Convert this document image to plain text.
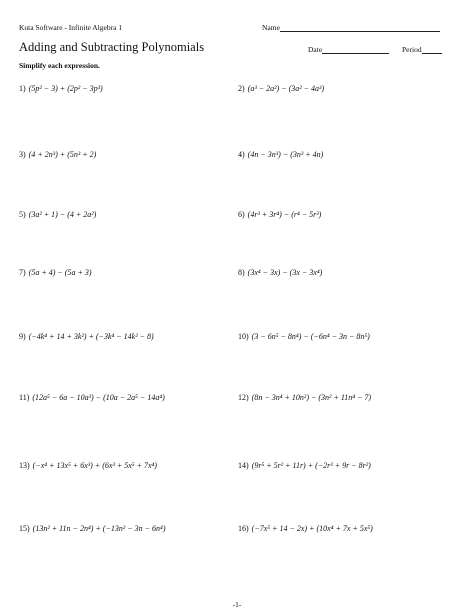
Kuta Software - Infinite Algebra 1	Name
Adding and Subtracting Polynomials	Date	Period
Simplify each expression.
1) (5p² − 3) + (2p² − 3p³)	2) (a³ − 2a²) − (3a² − 4a³)
3) (4 + 2n³) + (5n³ + 2)	4) (4n − 3n³) − (3n³ + 4n)
5) (3a² + 1) − (4 + 2a²)	6) (4r³ + 3r⁴) − (r⁴ − 5r³)
7) (5a + 4) − (5a + 3)	8) (3x⁴ − 3x) − (3x − 3x⁴)
9) (−4k⁴ + 14 + 3k²) + (−3k⁴ − 14k² − 8)	10) (3 − 6n⁵ − 8n⁴) − (−6n⁴ − 3n − 8n⁵)
11) (12a⁵ − 6a − 10a³) − (10a − 2a⁵ − 14a⁴)	12) (8n − 3n⁴ + 10n²) − (3n² + 11n⁴ − 7)
13) (−x⁴ + 13x⁵ + 6x³) + (6x³ + 5x⁵ + 7x⁴)	14) (9r⁵ + 5r² + 11r) + (−2r³ + 9r − 8r²)
15) (13n² + 11n − 2n⁴) + (−13n² − 3n − 6n⁴)	16) (−7x⁵ + 14 − 2x) + (10x⁴ + 7x + 5x⁵)
-1-
